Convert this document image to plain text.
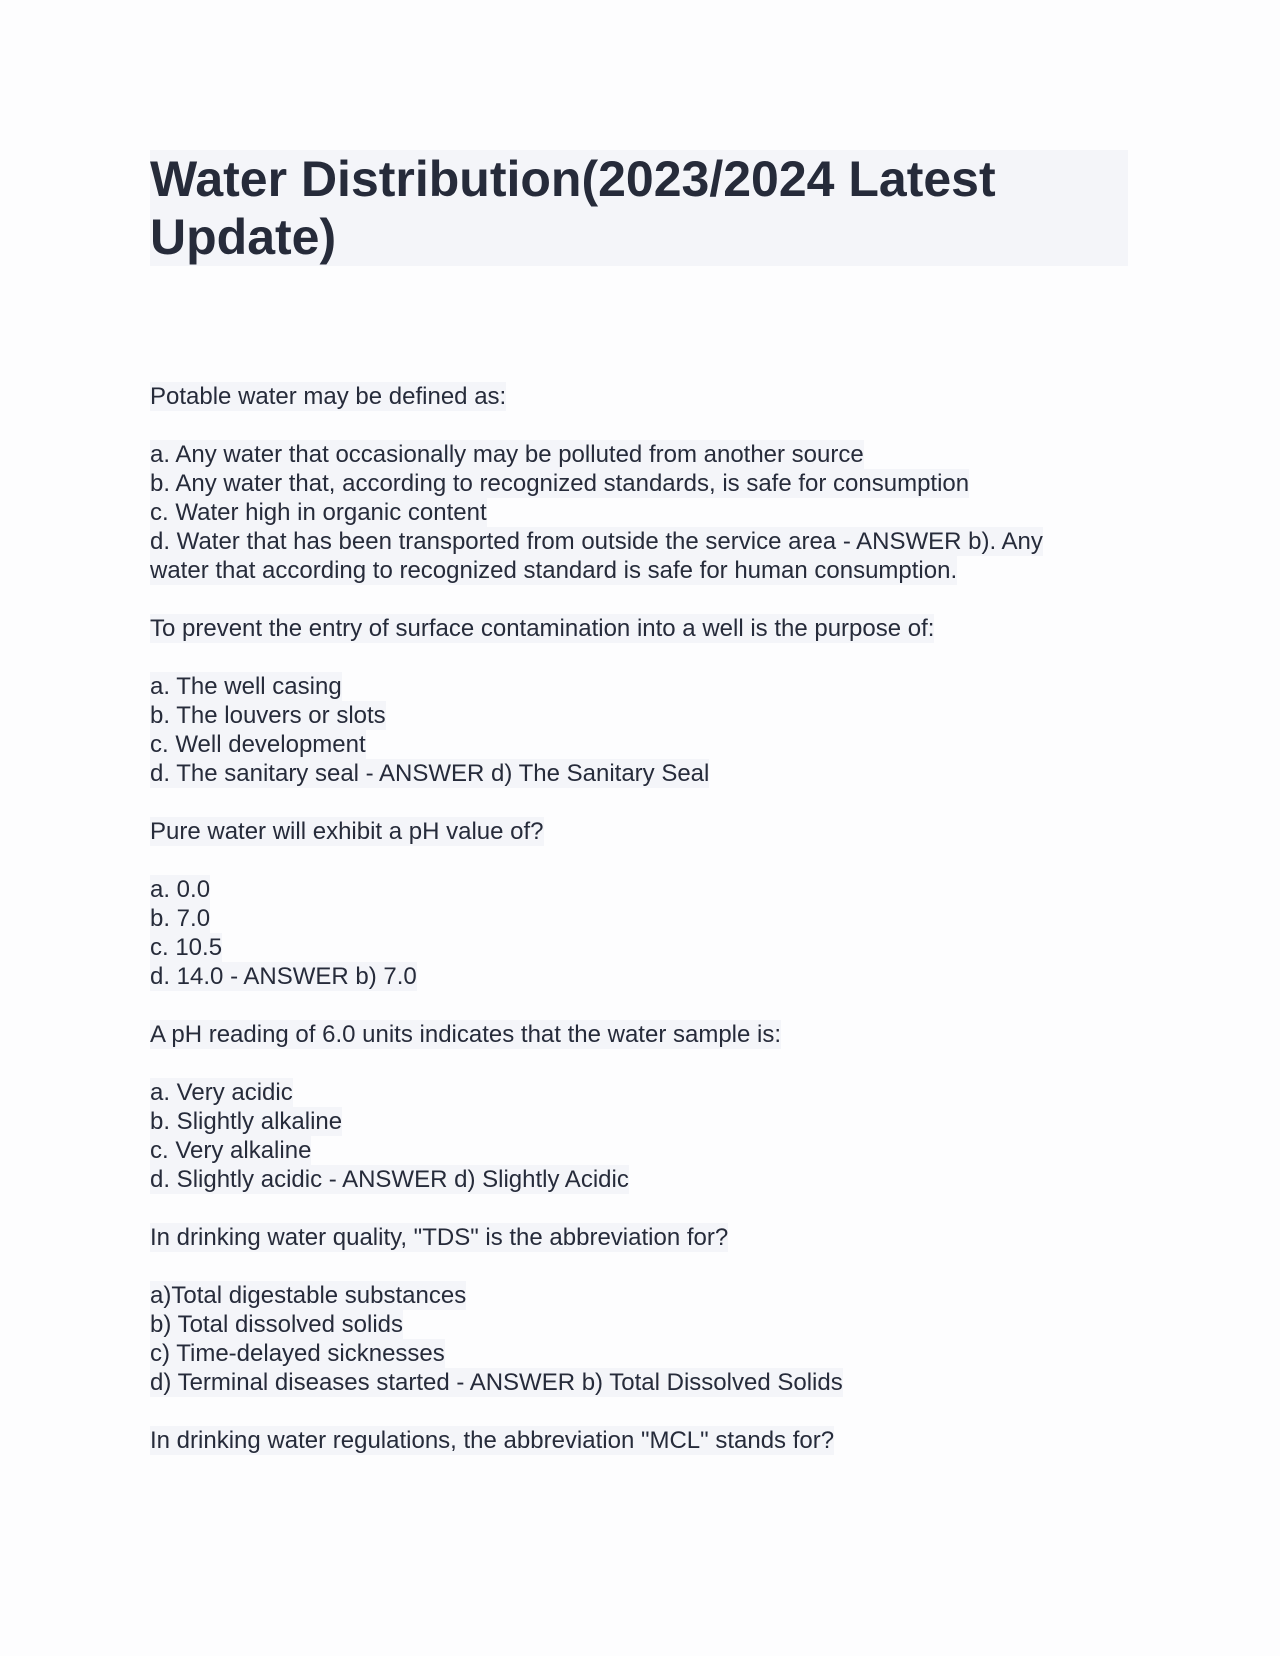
Water Distribution(2023/2024 Latest Update)
Potable water may be defined as:
a. Any water that occasionally may be polluted from another source
b. Any water that, according to recognized standards, is safe for consumption
c. Water high in organic content
d. Water that has been transported from outside the service area - ANSWER b). Any
water that according to recognized standard is safe for human consumption.
To prevent the entry of surface contamination into a well is the purpose of:
a. The well casing
b. The louvers or slots
c. Well development
d. The sanitary seal - ANSWER d) The Sanitary Seal
Pure water will exhibit a pH value of?
a. 0.0
b. 7.0
c. 10.5
d. 14.0 - ANSWER b) 7.0
A pH reading of 6.0 units indicates that the water sample is:
a. Very acidic
b. Slightly alkaline
c. Very alkaline
d. Slightly acidic - ANSWER d) Slightly Acidic
In drinking water quality, "TDS" is the abbreviation for?
a)Total digestable substances
b) Total dissolved solids
c) Time-delayed sicknesses
d) Terminal diseases started - ANSWER b) Total Dissolved Solids
In drinking water regulations, the abbreviation "MCL" stands for?
